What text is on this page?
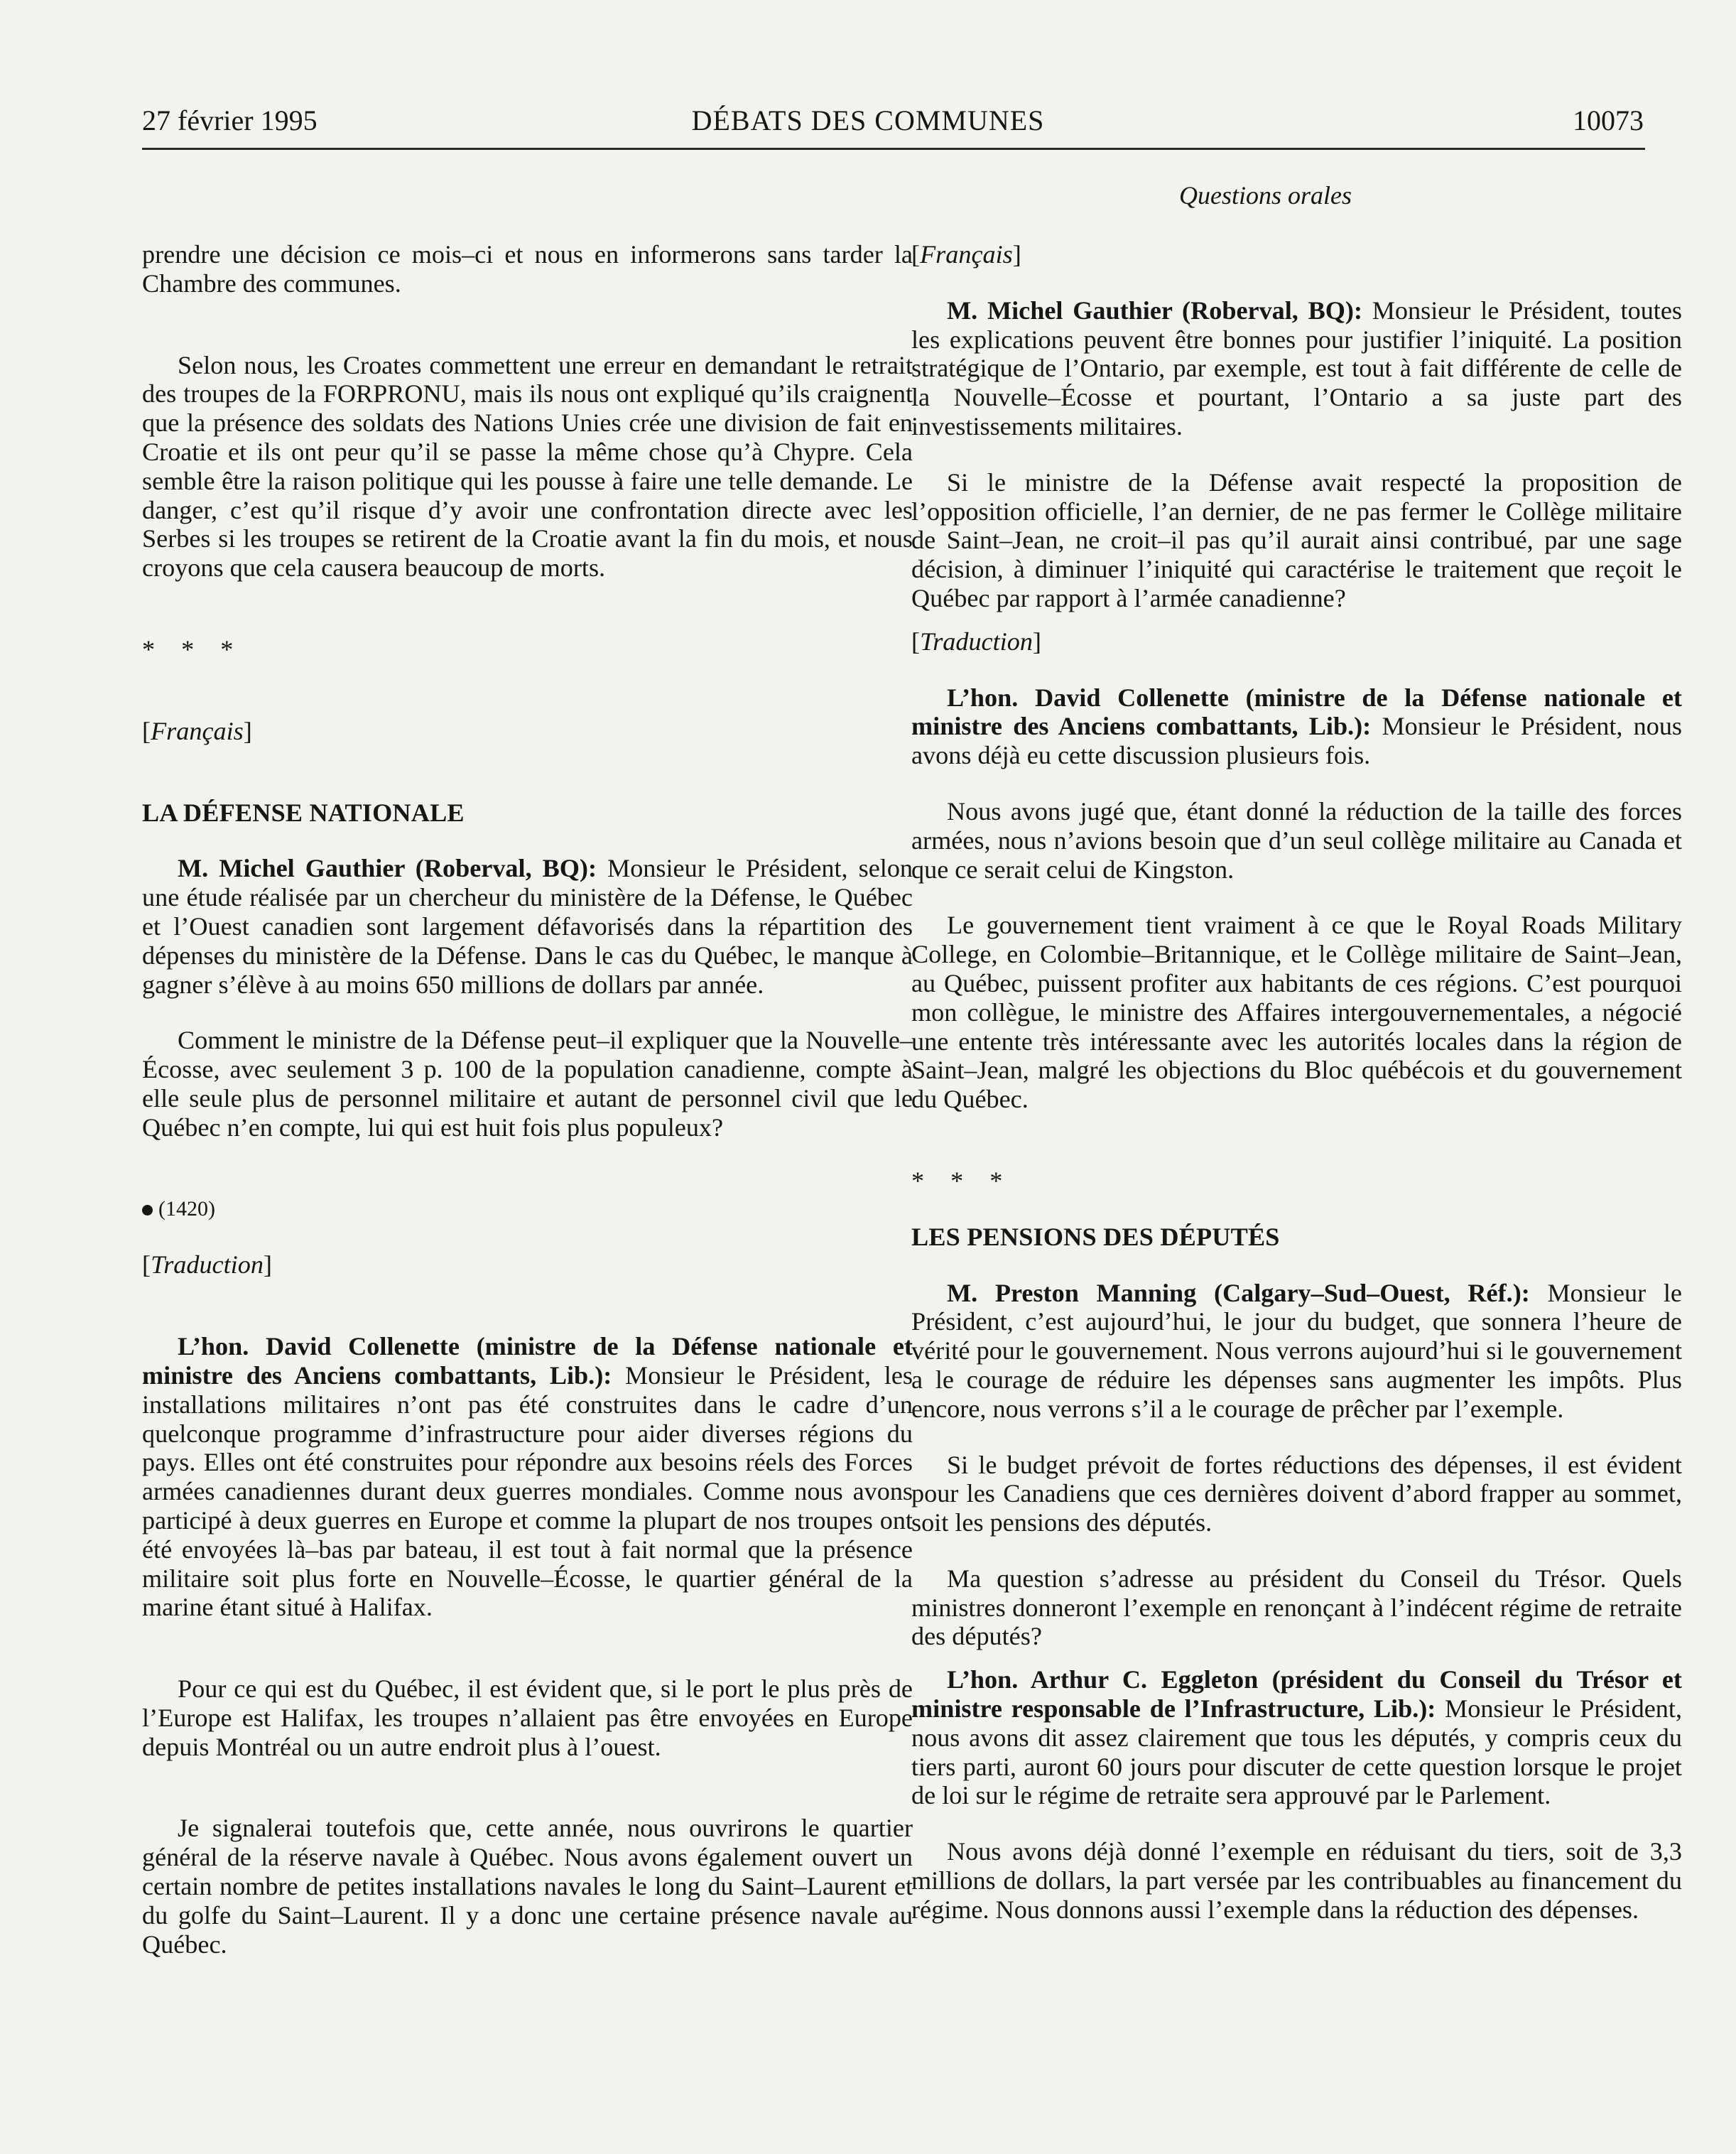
27 février 1995	DÉBATS DES COMMUNES	10073
Questions orales

prendre une décision ce mois–ci et nous en informerons sans tarder la Chambre des communes.

Selon nous, les Croates commettent une erreur en demandant le retrait des troupes de la FORPRONU, mais ils nous ont expliqué qu’ils craignent que la présence des soldats des Nations Unies crée une division de fait en Croatie et ils ont peur qu’il se passe la même chose qu’à Chypre. Cela semble être la raison politique qui les pousse à faire une telle demande. Le danger, c’est qu’il risque d’y avoir une confrontation directe avec les Serbes si les troupes se retirent de la Croatie avant la fin du mois, et nous croyons que cela causera beaucoup de morts.

* * *

[Français]

LA DÉFENSE NATIONALE

M. Michel Gauthier (Roberval, BQ): Monsieur le Président, selon une étude réalisée par un chercheur du ministère de la Défense, le Québec et l’Ouest canadien sont largement défavorisés dans la répartition des dépenses du ministère de la Défense. Dans le cas du Québec, le manque à gagner s’élève à au moins 650 millions de dollars par année.

Comment le ministre de la Défense peut–il expliquer que la Nouvelle–Écosse, avec seulement 3 p. 100 de la population canadienne, compte à elle seule plus de personnel militaire et autant de personnel civil que le Québec n’en compte, lui qui est huit fois plus populeux?

(1420)

[Traduction]

L’hon. David Collenette (ministre de la Défense nationale et ministre des Anciens combattants, Lib.): Monsieur le Président, les installations militaires n’ont pas été construites dans le cadre d’un quelconque programme d’infrastructure pour aider diverses régions du pays. Elles ont été construites pour répondre aux besoins réels des Forces armées canadiennes durant deux guerres mondiales. Comme nous avons participé à deux guerres en Europe et comme la plupart de nos troupes ont été envoyées là–bas par bateau, il est tout à fait normal que la présence militaire soit plus forte en Nouvelle–Écosse, le quartier général de la marine étant situé à Halifax.

Pour ce qui est du Québec, il est évident que, si le port le plus près de l’Europe est Halifax, les troupes n’allaient pas être envoyées en Europe depuis Montréal ou un autre endroit plus à l’ouest.

Je signalerai toutefois que, cette année, nous ouvrirons le quartier général de la réserve navale à Québec. Nous avons également ouvert un certain nombre de petites installations navales le long du Saint–Laurent et du golfe du Saint–Laurent. Il y a donc une certaine présence navale au Québec.

[Français]

M. Michel Gauthier (Roberval, BQ): Monsieur le Président, toutes les explications peuvent être bonnes pour justifier l’iniquité. La position stratégique de l’Ontario, par exemple, est tout à fait différente de celle de la Nouvelle–Écosse et pourtant, l’Ontario a sa juste part des investissements militaires.

Si le ministre de la Défense avait respecté la proposition de l’opposition officielle, l’an dernier, de ne pas fermer le Collège militaire de Saint–Jean, ne croit–il pas qu’il aurait ainsi contribué, par une sage décision, à diminuer l’iniquité qui caractérise le traitement que reçoit le Québec par rapport à l’armée canadienne?

[Traduction]

L’hon. David Collenette (ministre de la Défense nationale et ministre des Anciens combattants, Lib.): Monsieur le Président, nous avons déjà eu cette discussion plusieurs fois.

Nous avons jugé que, étant donné la réduction de la taille des forces armées, nous n’avions besoin que d’un seul collège militaire au Canada et que ce serait celui de Kingston.

Le gouvernement tient vraiment à ce que le Royal Roads Military College, en Colombie–Britannique, et le Collège militaire de Saint–Jean, au Québec, puissent profiter aux habitants de ces régions. C’est pourquoi mon collègue, le ministre des Affaires intergouvernementales, a négocié une entente très intéressante avec les autorités locales dans la région de Saint–Jean, malgré les objections du Bloc québécois et du gouvernement du Québec.

* * *

LES PENSIONS DES DÉPUTÉS

M. Preston Manning (Calgary–Sud–Ouest, Réf.): Monsieur le Président, c’est aujourd’hui, le jour du budget, que sonnera l’heure de vérité pour le gouvernement. Nous verrons aujourd’hui si le gouvernement a le courage de réduire les dépenses sans augmenter les impôts. Plus encore, nous verrons s’il a le courage de prêcher par l’exemple.

Si le budget prévoit de fortes réductions des dépenses, il est évident pour les Canadiens que ces dernières doivent d’abord frapper au sommet, soit les pensions des députés.

Ma question s’adresse au président du Conseil du Trésor. Quels ministres donneront l’exemple en renonçant à l’indécent régime de retraite des députés?

L’hon. Arthur C. Eggleton (président du Conseil du Trésor et ministre responsable de l’Infrastructure, Lib.): Monsieur le Président, nous avons dit assez clairement que tous les députés, y compris ceux du tiers parti, auront 60 jours pour discuter de cette question lorsque le projet de loi sur le régime de retraite sera approuvé par le Parlement.

Nous avons déjà donné l’exemple en réduisant du tiers, soit de 3,3 millions de dollars, la part versée par les contribuables au financement du régime. Nous donnons aussi l’exemple dans la réduction des dépenses.
